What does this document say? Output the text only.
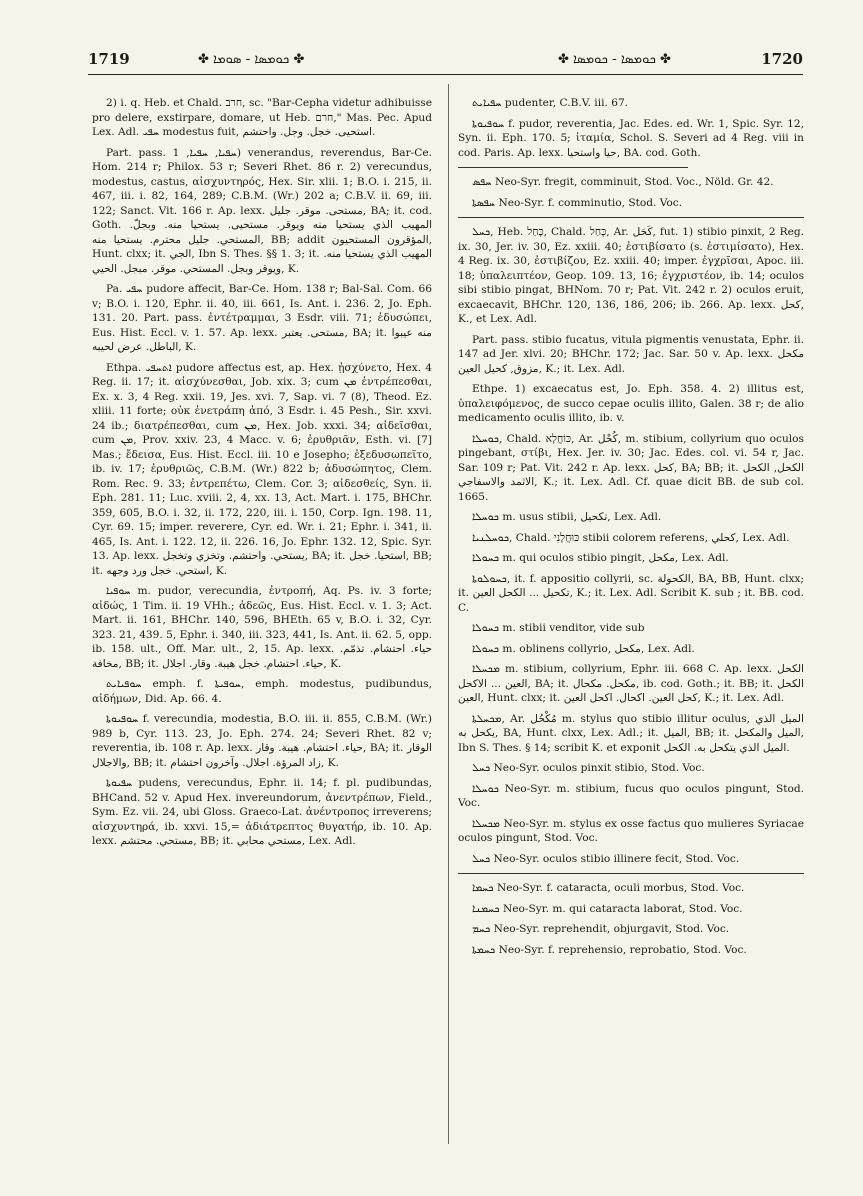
1719	✤ ܟܘܡܣܐ - ܣܘܡܐ ✤	✤ ܟܘܡܣܐ - ܟܘܡܣܐ ✤	1720

2) i. q. Heb. et Chald. חרב, sc. "Bar-Cepha videtur adhibuisse pro delere, exstirpare, domare, ut Heb. חרם," Mas. Pec. Apud Lex. Adl. ܚܦܝ modestus fuit, استحيى. خجل. وجل. واحتشم.

Part. pass. ܚܦܝܐ, ܚܦܝܐ, 1) venerandus, reverendus, Bar-Ce. Hom. 214 r; Philox. 53 r; Severi Rhet. 86 r. 2) verecundus, modestus, castus, αἰσχυντηρός, Hex. Sir. xlii. 1; B.O. i. 215, ii. 467, iii. i. 82, 164, 289; C.B.M. (Wr.) 202 a; C.B.V. ii. 69, iii. 122; Sanct. Vit. 166 r. Ap. lexx. مستحى. موقر. جليل, BA; it. cod. Goth. المهيب الذي يستحيا منه ويوقر. مستحيى. يستحيا منه. وبجلّ. المستحي. جليل محترم. يستحيا منه, BB; addit المؤقرون المستحيون, Hunt. clxx; it. الجي, Ibn S. Thes. §§ 1. 3; it. المهيب الذي يستحيا منه. ويوقر وبجل. المستحي. موقر. مبجل. الحيي, K.

Pa. ܚܦܝ pudore affecit, Bar-Ce. Hom. 138 r; Bal-Sal. Com. 66 v; B.O. i. 120, Ephr. ii. 40, iii. 661, Is. Ant. i. 236. 2, Jo. Eph. 131. 20. Part. pass. ἐντέτραμμαι, 3 Esdr. viii. 71; ἐδυσώπει, Eus. Hist. Eccl. v. 1. 57. Ap. lexx. مستحى. يعتبر, BA; it. منه عيبوا الباطل. عرض لحيبه, K.

Ethpa. ܐܬܚܦܝ pudore affectus est, ap. Hex. ᾐσχύνετο, Hex. 4 Reg. ii. 17; it. αἰσχύνεσθαι, Job. xix. 3; cum ܡܢ ἐντρέπεσθαι, Ex. x. 3, 4 Reg. xxii. 19, Jes. xvi. 7, Sap. vi. 7 (8), Theod. Ez. xliii. 11 forte; οὐκ ἐνετράπη ἀπό, 3 Esdr. i. 45 Pesh., Sir. xxvi. 24 ib.; διατρέπεσθαι, cum ܡܢ, Hex. Job. xxxi. 34; αἰδεῖσθαι, cum ܡܢ, Prov. xxiv. 23, 4 Macc. v. 6; ἐρυθριᾶν, Esth. vi. [7] Mas.; ἔδεισα, Eus. Hist. Eccl. iii. 10 e Josepho; ἐξεδυσωπεῖτο, ib. iv. 17; ἐρυθριῶς, C.B.M. (Wr.) 822 b; ἀδυσώπητος, Clem. Rom. Rec. 9. 33; ἐντρεπέτω, Clem. Cor. 3; αἰδεσθείς, Syn. ii. Eph. 281. 11; Luc. xviii. 2, 4, xx. 13, Act. Mart. i. 175, BHChr. 359, 605, B.O. i. 32, ii. 172, 220, iii. i. 150, Corp. Ign. 198. 11, Cyr. 69. 15; imper. reverere, Cyr. ed. Wr. i. 21; Ephr. i. 341, ii. 465, Is. Ant. i. 122. 12, ii. 226. 16, Jo. Ephr. 132. 12, Spic. Syr. 13. Ap. lexx. يستحي. واحتشم. وتخزي وتخجل, BA; it. استحيا. خجل, BB; it. استحي. خجل ورد وجهه, K.

ܚܘܦܝܐ m. pudor, verecundia, ἐντροπή, Aq. Ps. iv. 3 forte; αἰδώς, 1 Tim. ii. 19 VHh.; ἀδεῶς, Eus. Hist. Eccl. v. 1. 3; Act. Mart. ii. 161, BHChr. 140, 596, BHEth. 65 v, B.O. i. 32, Cyr. 323. 21, 439. 5, Ephr. i. 340, iii. 323, 441, Is. Ant. ii. 62. 5, opp. ib. 158. ult., Off. Mar. ult., 2, 15. Ap. lexx. حياء. احتشام. تذمّم. مخافة, BB; it. حياء. احتشام. خجل هيبة. وقار. اجلال, K.

ܚܘܦܝܐܝܬ emph. f. ܚܘܦܝܬܐ, emph. modestus, pudibundus, αἰδήμων, Did. Ap. 66. 4.

ܚܘܦܝܘܬܐ f. verecundia, modestia, B.O. iii. ii. 855, C.B.M. (Wr.) 989 b, Cyr. 113. 23, Jo. Eph. 274. 24; Severi Rhet. 82 v; reverentia, ib. 108 r. Ap. lexx. حياء. احتشام. هيبة. وقار, BA; it. الوقار والاجلال, BB; it. زاد المرؤة. اجلال. وآخرون احتشام, K.

ܚܦܝܘܬܐ pudens, verecundus, Ephr. ii. 14; f. pl. pudibundas, BHCand. 52 v. Apud Hex. invereundorum, ἀνεντρέπων, Field., Sym. Ez. vii. 24, ubi Gloss. Graeco-Lat. ἀνέντροπος irreverens; αἰσχυντηρά, ib. xxvi. 15,= ἀδιάτρεπτος θυγατήρ, ib. 10. Ap. lexx. مستحي. محتشم, BB; it. مستحي محابي, Lex. Adl.

ܚܦܝܐܝܬ pudenter, C.B.V. iii. 67.

ܚܘܦܝܘܬܐ f. pudor, reverentia, Jac. Edes. ed. Wr. 1, Spic. Syr. 12, Syn. ii. Eph. 170. 5; ἱταμία, Schol. S. Severi ad 4 Reg. viii in cod. Paris. Ap. lexx. حيا واستحيا, BA. cod. Goth.

ܚܦܣ Neo-Syr. fregit, comminuit, Stod. Voc., Nöld. Gr. 42.

ܚܦܣܬܐ Neo-Syr. f. comminutio, Stod. Voc.

ܟܚܠ, Heb. כָּחַל, Chald. כְּחַל, Ar. كَحَل, fut. 1) stibio pinxit, 2 Reg. ix. 30, Jer. iv. 30, Ez. xxiii. 40; ἐστιβίσατο (s. ἐστιμίσατο), Hex. 4 Reg. ix. 30, ἐστιβίζου, Ez. xxiii. 40; imper. ἐγχρῖσαι, Apoc. iii. 18; ὑπαλειπτέον, Geop. 109. 13, 16; ἐγχριστέον, ib. 14; oculos sibi stibio pingat, BHNom. 70 r; Pat. Vit. 242 r. 2) oculos eruit, excaecavit, BHChr. 120, 136, 186, 206; ib. 266. Ap. lexx. كحل, K., et Lex. Adl.

Part. pass. stibio fucatus, vitula pigmentis venustata, Ephr. ii. 147 ad Jer. xlvi. 20; BHChr. 172; Jac. Sar. 50 v. Ap. lexx. مكحل مزوق, كحيل العين, K.; it. Lex. Adl.

Ethpe. 1) excaecatus est, Jo. Eph. 358. 4. 2) illitus est, ὑπαλειφόμενος, de succo cepae oculis illito, Galen. 38 r; de alio medicamento oculis illito, ib. v.

ܟܘܚܠܐ, Chald. כּוֹחֲלָא, Ar. كُحْل, m. stibium, collyrium quo oculos pingebant, στίβι, Hex. Jer. iv. 30; Jac. Edes. col. vi. 54 r, Jac. Sar. 109 r; Pat. Vit. 242 r. Ap. lexx. كحل, BA; BB; it. الكحل, الكحل الاثمد والاسفاجي, K.; it. Lex. Adl. Cf. quae dicit BB. de sub col. 1665.

ܟܘܚܠܐ m. usus stibii, تكحيل, Lex. Adl.

ܟܘܚܠܢܝܐ, Chald. כּוּחֲלָנִי stibii colorem referens, كحلي, Lex. Adl.

ܟܚܘܠܐ m. qui oculos stibio pingit, مكحل, Lex. Adl.

ܟܚܘܠܘܬܐ, it. f. appositio collyrii, sc. الكحولة, BA, BB, Hunt. clxx; it. تكحيل ... الكحل العين, K.; it. Lex. Adl. Scribit K. sub ; it. BB. cod. C.

ܟܚܘܠܐ m. stibii venditor, vide sub

ܟܚܘܠܐ m. oblinens collyrio, مكحل, Lex. Adl.

ܡܟܚܠܐ m. stibium, collyrium, Ephr. iii. 668 C. Ap. lexx. الكحل العين ... الاكحل, BA; it. مكحل. مكحال, ib. cod. Goth.; it. BB; it. الكحل العين, Hunt. clxx; it. كحل العين. اكحال. اكحل العين, K.; it. Lex. Adl.

ܡܟܚܠܬܐ, Ar. مُكْحُل m. stylus quo stibio illitur oculus, الميل الذي يكحل به, BA, Hunt. clxx, Lex. Adl.; it. الميل, BB; it. الميل والمكحل, Ibn S. Thes. § 14; scribit K. et exponit الميل الذي يتكحل به. الكحل.

ܟܚܠ Neo-Syr. oculos pinxit stibio, Stod. Voc.

ܟܘܚܠܐ Neo-Syr. m. stibium, fucus quo oculos pingunt, Stod. Voc.

ܡܟܚܠܐ Neo-Syr. m. stylus ex osse factus quo mulieres Syriacae oculos pingunt, Stod. Voc.

ܟܚܠ Neo-Syr. oculos stibio illinere fecit, Stod. Voc.

ܟܚܡܐ Neo-Syr. f. cataracta, oculi morbus, Stod. Voc.

ܟܚܡܢܐ Neo-Syr. m. qui cataracta laborat, Stod. Voc.

ܟܚܡ Neo-Syr. reprehendit, objurgavit, Stod. Voc.

ܟܚܡܬܐ Neo-Syr. f. reprehensio, reprobatio, Stod. Voc.
